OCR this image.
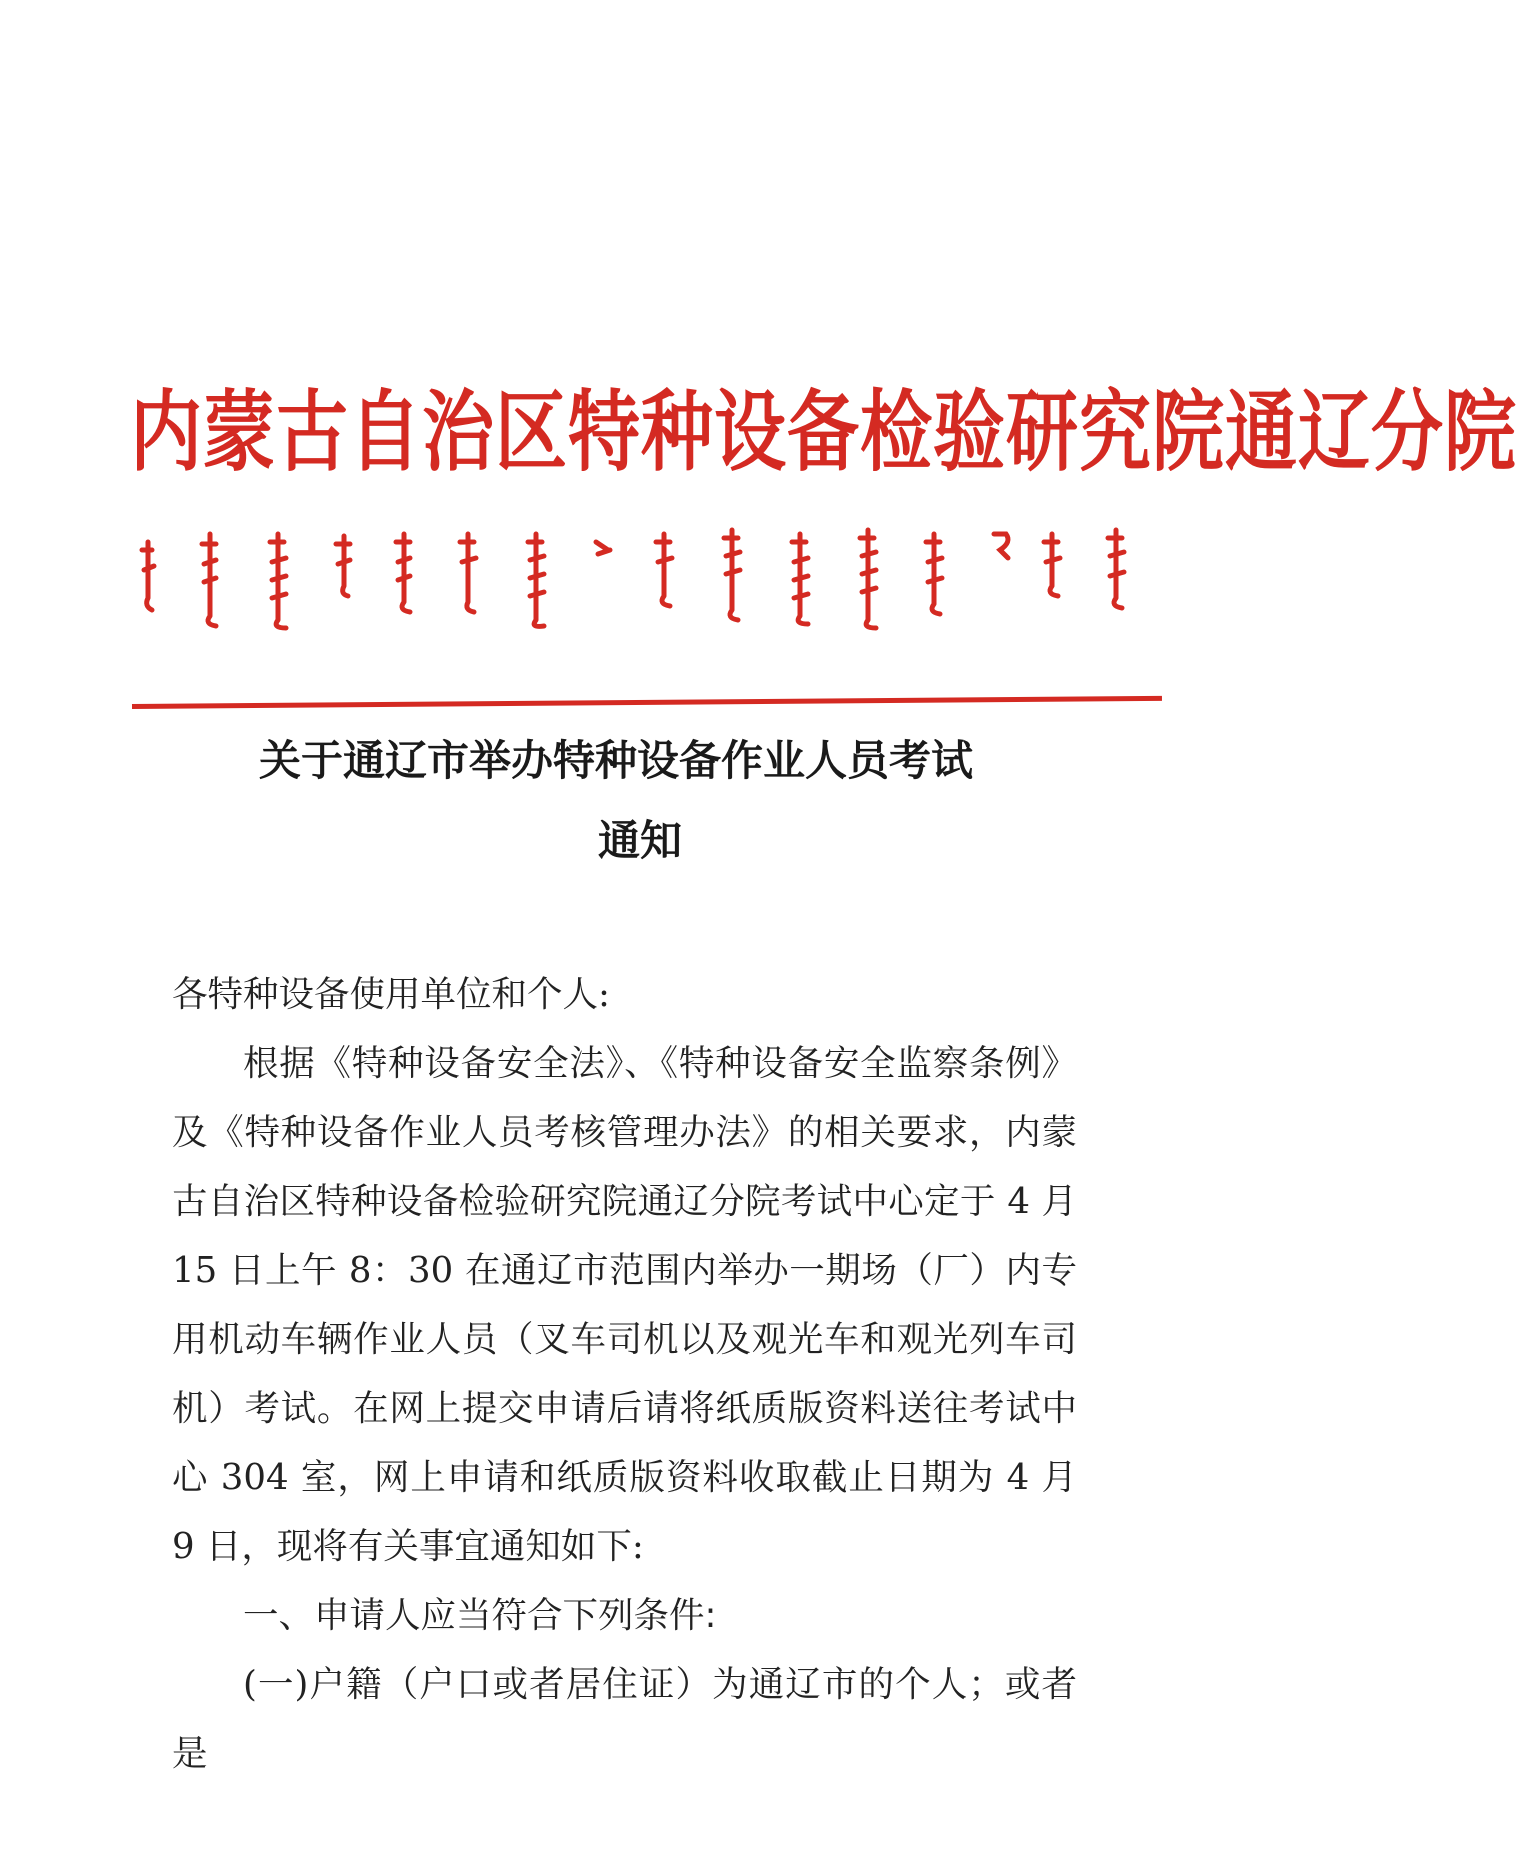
内蒙古自治区特种设备检验研究院通辽分院
关于通辽市举办特种设备作业人员考试
通知

各特种设备使用单位和个人:

根据《特种设备安全法》、《特种设备安全监察条例》及《特种设备作业人员考核管理办法》的相关要求，内蒙古自治区特种设备检验研究院通辽分院考试中心定于 4 月 15 日上午 8：30 在通辽市范围内举办一期场（厂）内专用机动车辆作业人员（叉车司机以及观光车和观光列车司机）考试。在网上提交申请后请将纸质版资料送往考试中心 304 室，网上申请和纸质版资料收取截止日期为 4 月 9 日，现将有关事宜通知如下:

一、申请人应当符合下列条件:

(一)户籍（户口或者居住证）为通辽市的个人；或者是
